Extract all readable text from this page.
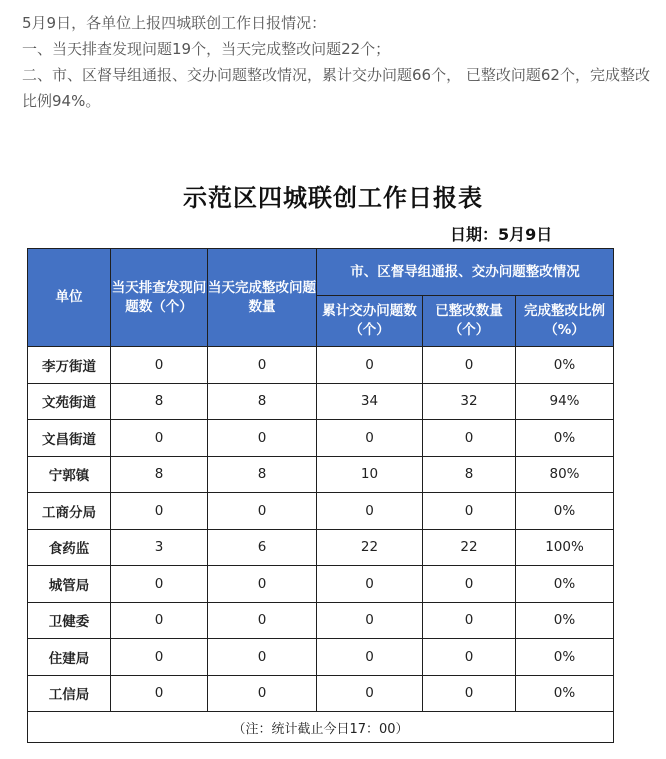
5月9日，各单位上报四城联创工作日报情况：

一、当天排查发现问题19个，当天完成整改问题22个；

二、市、区督导组通报、交办问题整改情况，累计交办问题66个， 已整改问题62个，完成整改比例94%。

示范区四城联创工作日报表
日期：5月9日
单位	当天排查发现问题数（个）	当天完成整改问题数量	市、区督导组通报、交办问题整改情况		
			累计交办问题数（个）	已整改数量（个）	完成整改比例（%）
李万街道	0	0	0	0	0%
文苑街道	8	8	34	32	94%
文昌街道	0	0	0	0	0%
宁郭镇	8	8	10	8	80%
工商分局	0	0	0	0	0%
食药监	3	6	22	22	100%
城管局	0	0	0	0	0%
卫健委	0	0	0	0	0%
住建局	0	0	0	0	0%
工信局	0	0	0	0	0%
（注：统计截止今日17：00）					
